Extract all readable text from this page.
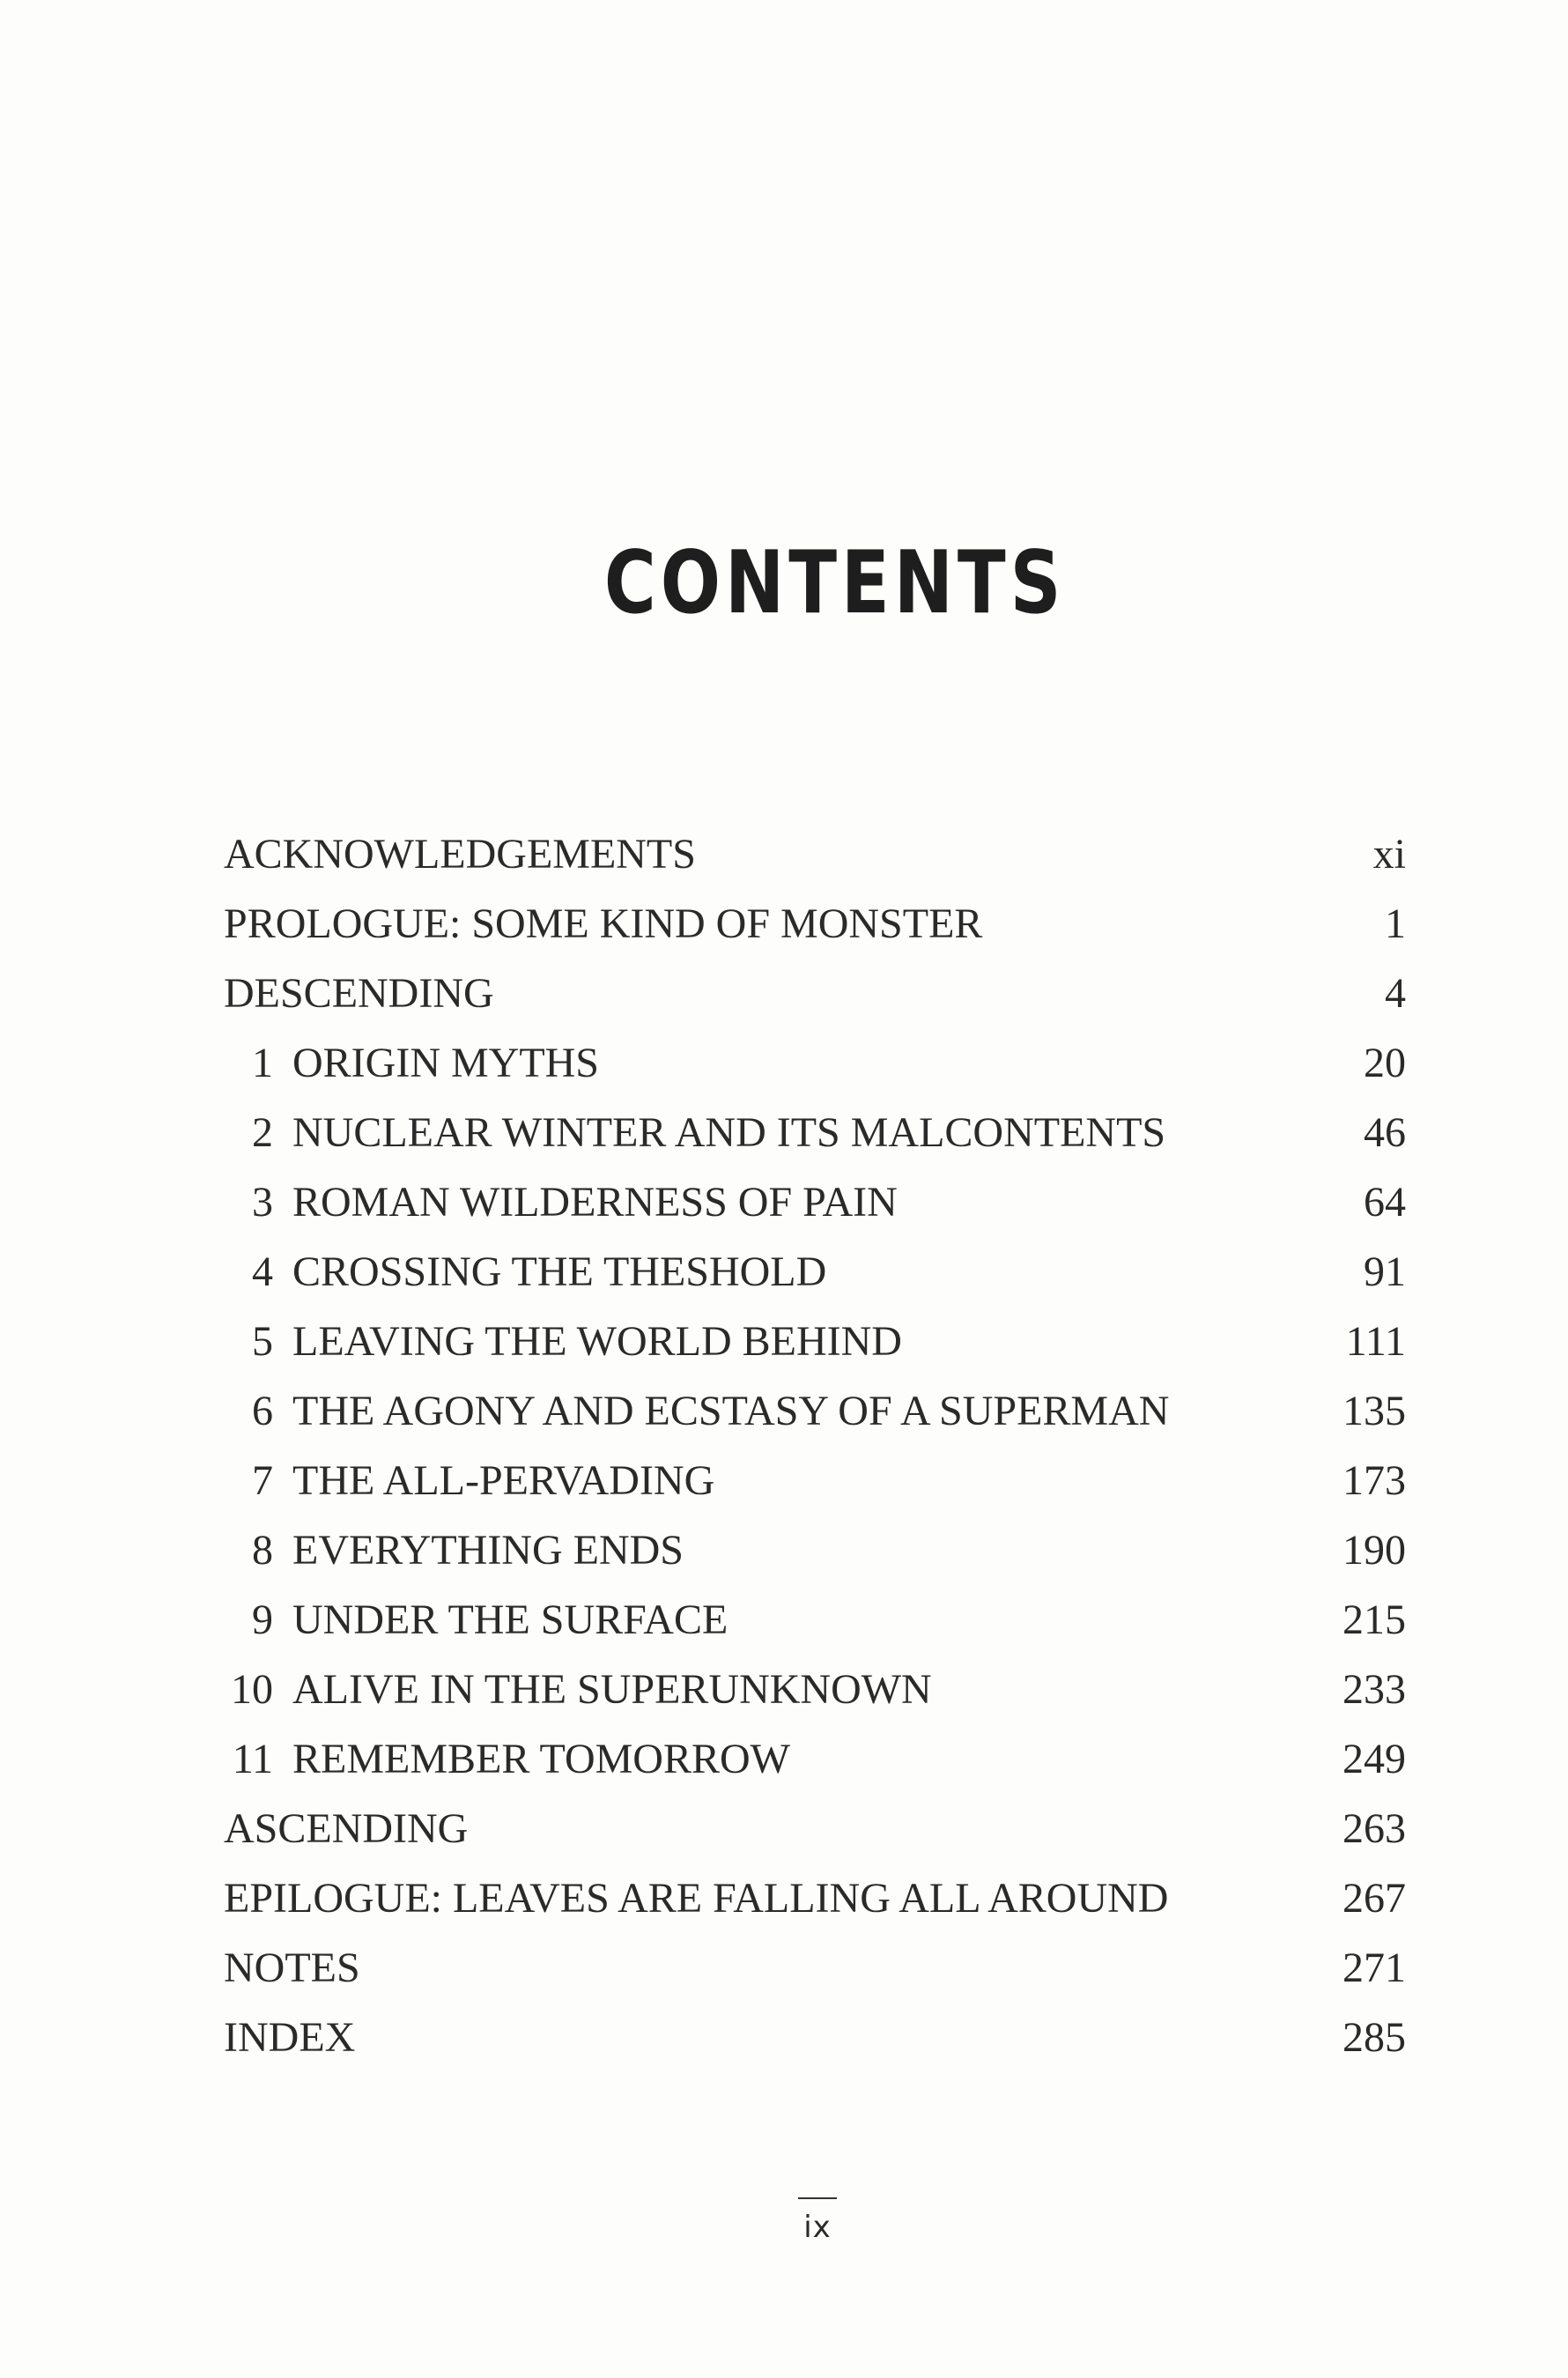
CONTENTS
ACKNOWLEDGEMENTS	xi
PROLOGUE: SOME KIND OF MONSTER	1
DESCENDING	4
1 ORIGIN MYTHS	20
2 NUCLEAR WINTER AND ITS MALCONTENTS	46
3 ROMAN WILDERNESS OF PAIN	64
4 CROSSING THE THESHOLD	91
5 LEAVING THE WORLD BEHIND	111
6 THE AGONY AND ECSTASY OF A SUPERMAN	135
7 THE ALL-PERVADING	173
8 EVERYTHING ENDS	190
9 UNDER THE SURFACE	215
10 ALIVE IN THE SUPERUNKNOWN	233
11 REMEMBER TOMORROW	249
ASCENDING	263
EPILOGUE: LEAVES ARE FALLING ALL AROUND	267
NOTES	271
INDEX	285
ix
